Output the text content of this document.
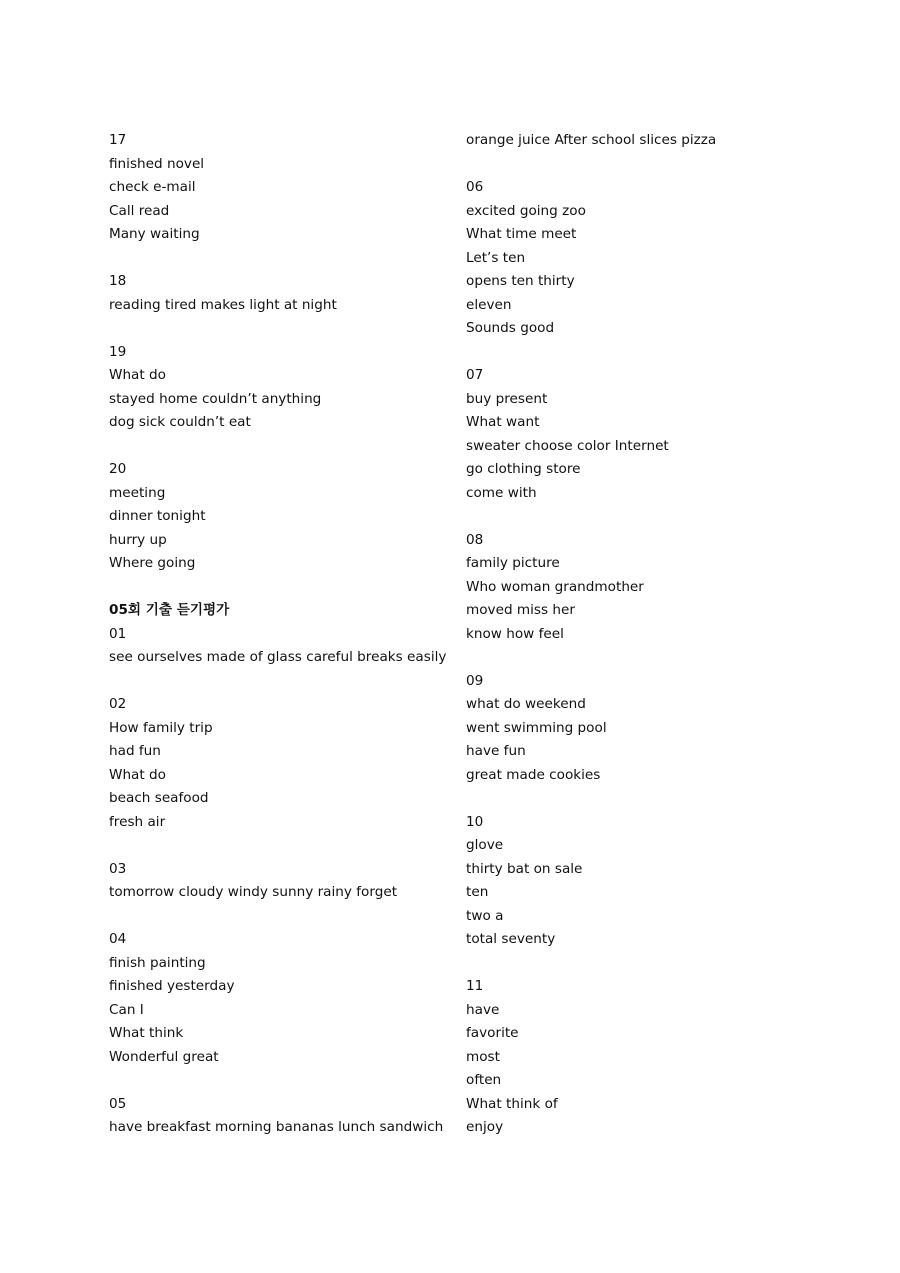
17
finished novel
check e-mail
Call read
Many waiting
18
reading tired makes light at night
19
What do
stayed home couldn’t anything
dog sick couldn’t eat
20
meeting
dinner tonight
hurry up
Where going
05회 기출 듣기평가
01
see ourselves made of glass careful breaks easily
02
How family trip
had fun
What do
beach seafood
fresh air
03
tomorrow cloudy windy sunny rainy forget
04
finish painting
finished yesterday
Can I
What think
Wonderful great
05
have breakfast morning bananas lunch sandwich
orange juice After school slices pizza
06
excited going zoo
What time meet
Let’s ten
opens ten thirty
eleven
Sounds good
07
buy present
What want
sweater choose color Internet
go clothing store
come with
08
family picture
Who woman grandmother
moved miss her
know how feel
09
what do weekend
went swimming pool
have fun
great made cookies
10
glove
thirty bat on sale
ten
two a
total seventy
11
have
favorite
most
often
What think of
enjoy
